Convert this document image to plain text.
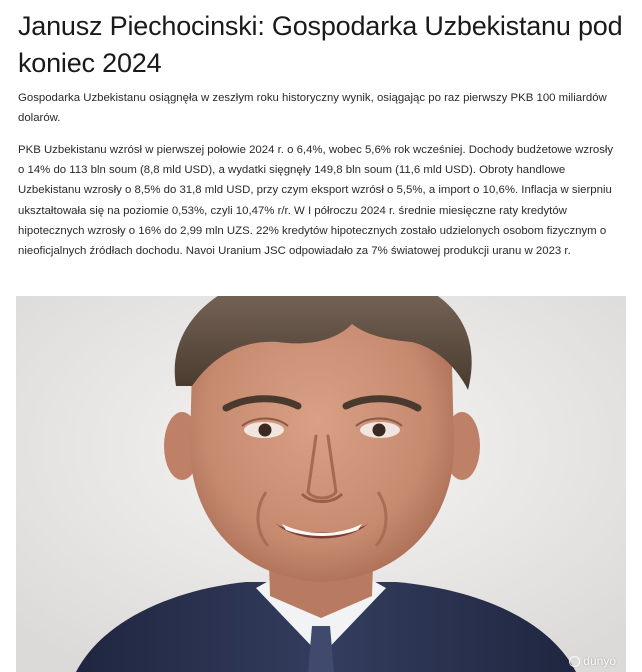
Janusz Piechocinski: Gospodarka Uzbekistanu pod koniec 2024

Gospodarka Uzbekistanu osiągnęła w zeszłym roku historyczny wynik, osiągając po raz pierwszy PKB 100 miliardów dolarów.

PKB Uzbekistanu wzrósł w pierwszej połowie 2024 r. o 6,4%, wobec 5,6% rok wcześniej. Dochody budżetowe wzrosły o 14% do 113 bln soum (8,8 mld USD), a wydatki sięgnęły 149,8 bln soum (11,6 mld USD). Obroty handlowe Uzbekistanu wzrosły o 8,5% do 31,8 mld USD, przy czym eksport wzrósł o 5,5%, a import o 10,6%. Inflacja w sierpniu ukształtowała się na poziomie 0,53%, czyli 10,47% r/r. W I półroczu 2024 r. średnie miesięczne raty kredytów hipotecznych wzrosły o 16% do 2,99 mln UZS. 22% kredytów hipotecznych zostało udzielonych osobom fizycznym o nieoficjalnych źródłach dochodu. Navoi Uranium JSC odpowiadało za 7% światowej produkcji uranu w 2023 r.

dunyo
